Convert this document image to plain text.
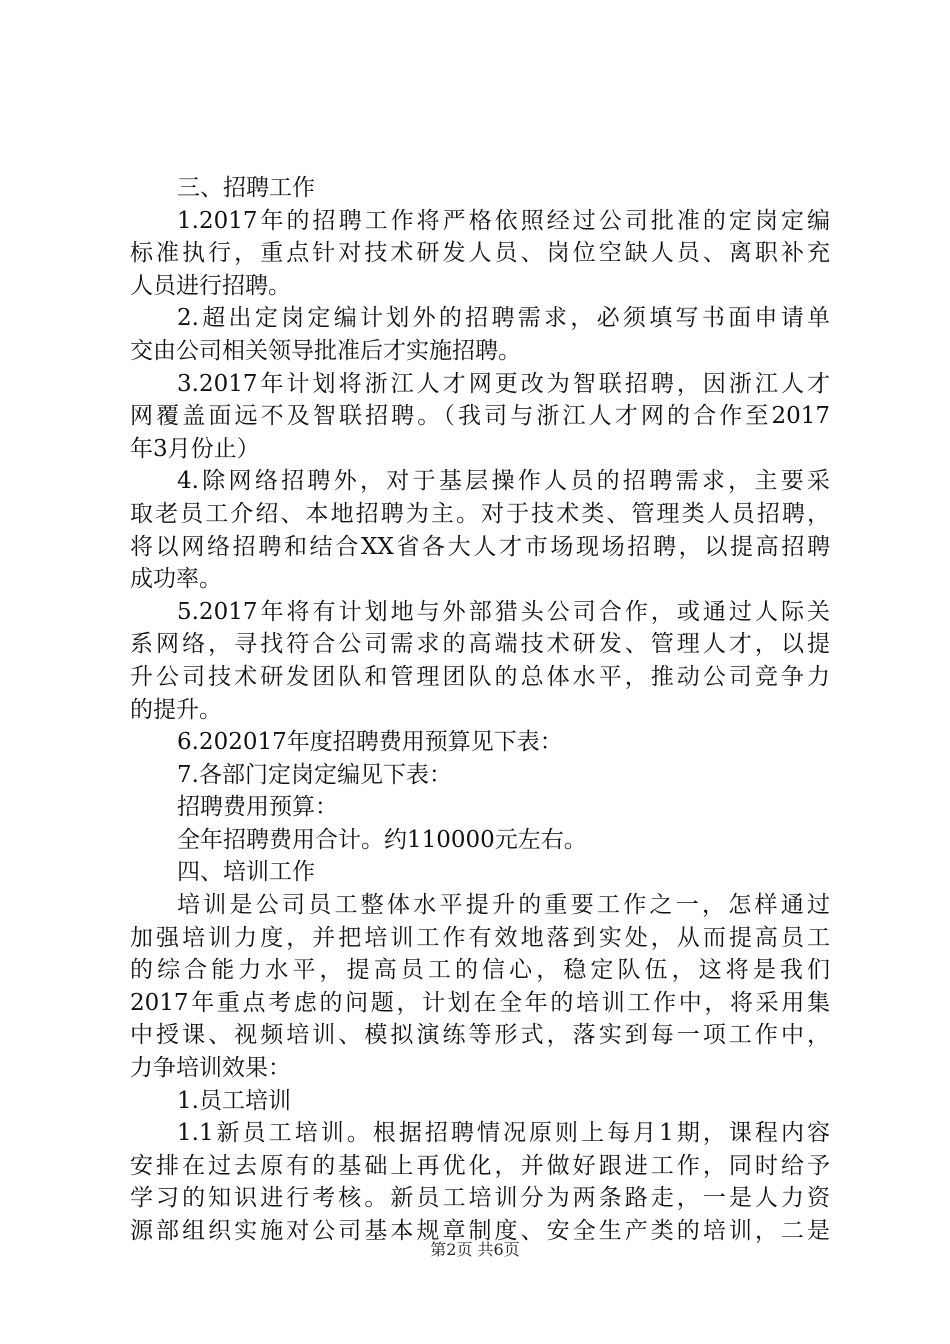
三、招聘工作
1.2017年的招聘工作将严格依照经过公司批准的定岗定编
标准执行，重点针对技术研发人员、岗位空缺人员、离职补充
人员进行招聘。
2.超出定岗定编计划外的招聘需求，必须填写书面申请单
交由公司相关领导批准后才实施招聘。
3.2017年计划将浙江人才网更改为智联招聘，因浙江人才
网覆盖面远不及智联招聘。（我司与浙江人才网的合作至2017
年3月份止）
4.除网络招聘外，对于基层操作人员的招聘需求，主要采
取老员工介绍、本地招聘为主。对于技术类、管理类人员招聘，
将以网络招聘和结合XX省各大人才市场现场招聘，以提高招聘
成功率。
5.2017年将有计划地与外部猎头公司合作，或通过人际关
系网络，寻找符合公司需求的高端技术研发、管理人才，以提
升公司技术研发团队和管理团队的总体水平，推动公司竞争力
的提升。
6.202017年度招聘费用预算见下表：
7.各部门定岗定编见下表：
招聘费用预算：
全年招聘费用合计。约110000元左右。
四、培训工作
培训是公司员工整体水平提升的重要工作之一，怎样通过
加强培训力度，并把培训工作有效地落到实处，从而提高员工
的综合能力水平，提高员工的信心，稳定队伍，这将是我们
2017年重点考虑的问题，计划在全年的培训工作中，将采用集
中授课、视频培训、模拟演练等形式，落实到每一项工作中，
力争培训效果：
1.员工培训
1.1新员工培训。根据招聘情况原则上每月1期，课程内容
安排在过去原有的基础上再优化，并做好跟进工作，同时给予
学习的知识进行考核。新员工培训分为两条路走，一是人力资
源部组织实施对公司基本规章制度、安全生产类的培训，二是
第2页 共6页
